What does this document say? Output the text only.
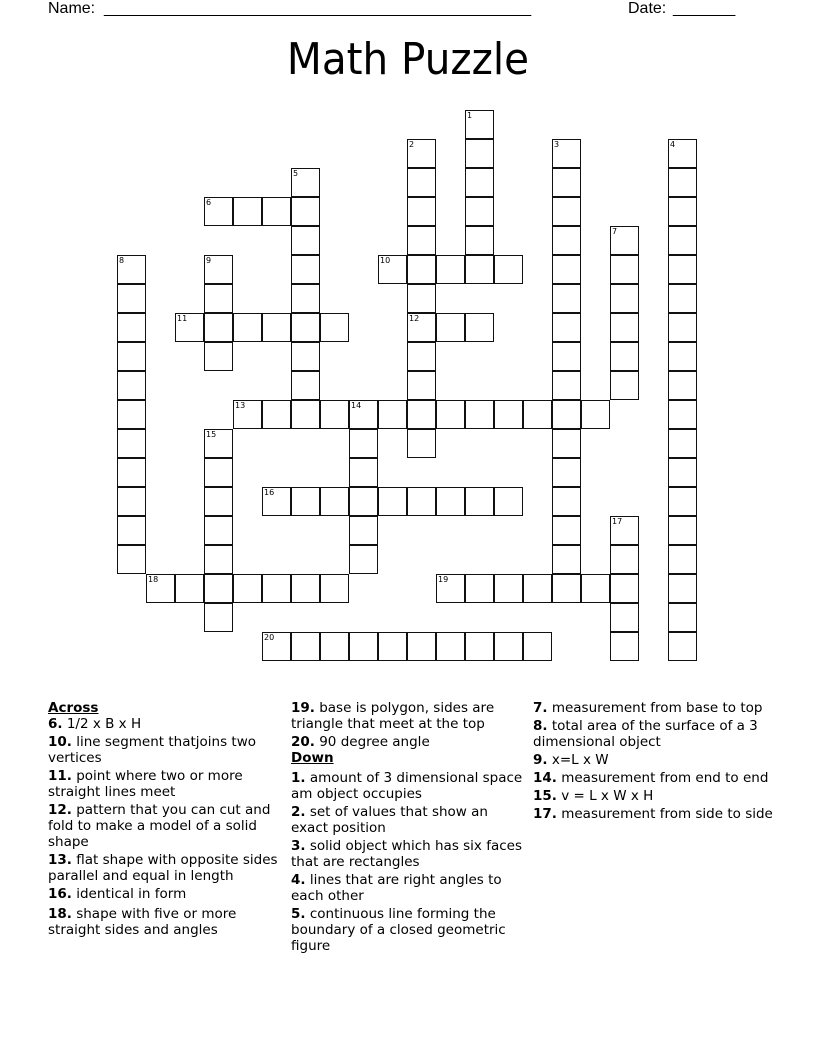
Name: ________________________________________________	Date: _______
Math Puzzle
1
2
12
3	4
5
6
7
8	9	10
11
13	14
15
16
17
18	19
20
Across
6. 1/2 x B x H
10. line segment thatjoins two vertices
11. point where two or more straight lines meet
12. pattern that you can cut and fold to make a model of a solid shape
13. flat shape with opposite sides parallel and equal in length
16. identical in form
18. shape with five or more straight sides and angles
19. base is polygon, sides are triangle that meet at the top
20. 90 degree angle
Down
1. amount of 3 dimensional space am object occupies
2. set of values that show an exact position
3. solid object which has six faces that are rectangles
4. lines that are right angles to each other
5. continuous line forming the boundary of a closed geometric figure
7. measurement from base to top
8. total area of the surface of a 3 dimensional object
9. x=L x W
14. measurement from end to end
15. v = L x W x H
17. measurement from side to side
